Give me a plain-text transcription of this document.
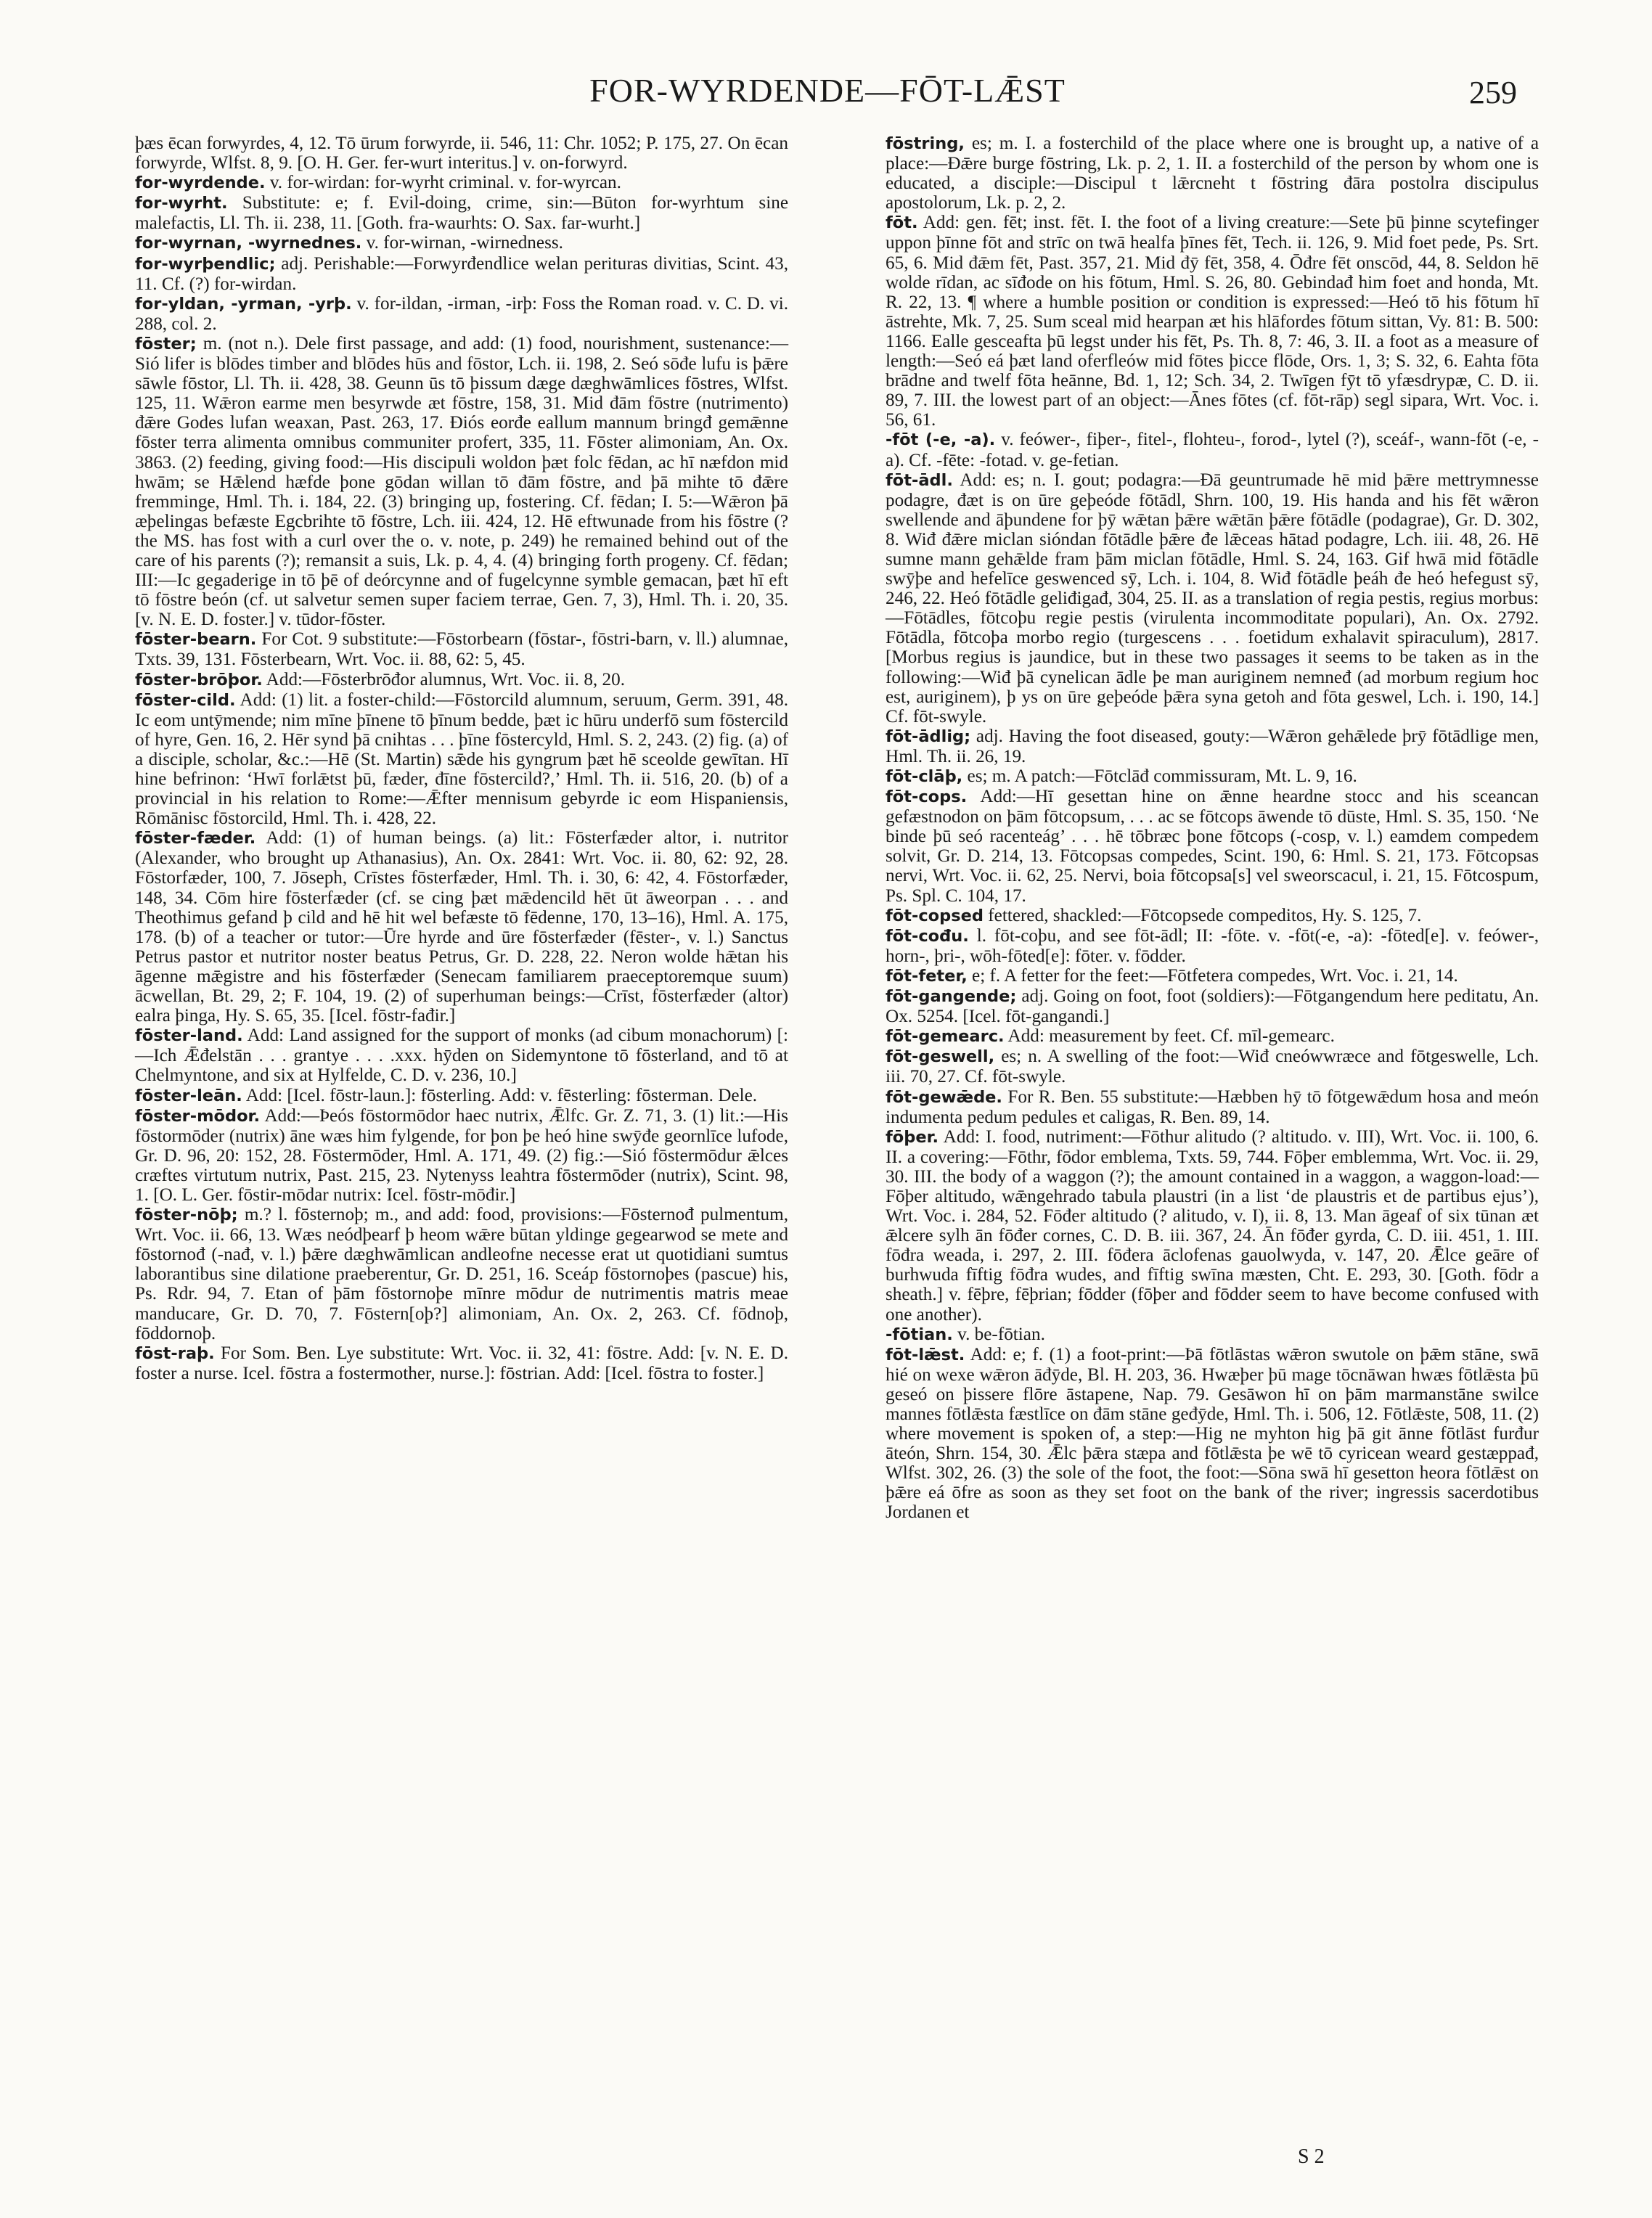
FOR-WYRDENDE—FŌT-LǢST	259

þæs ēcan forwyrdes, 4, 12. Tō ūrum forwyrde, ii. 546, 11: Chr. 1052; P. 175, 27. On ēcan forwyrde, Wlfst. 8, 9. [O. H. Ger. fer-wurt interitus.] v. on-forwyrd.

for-wyrdende. v. for-wirdan: for-wyrht criminal. v. for-wyrcan.

for-wyrht. Substitute: e; f. Evil-doing, crime, sin:—Būton for-wyrhtum sine malefactis, Ll. Th. ii. 238, 11. [Goth. fra-waurhts: O. Sax. far-wurht.]

for-wyrnan, -wyrnednes. v. for-wirnan, -wirnedness.

for-wyrþendlic; adj. Perishable:—Forwyrđendlice welan perituras divitias, Scint. 43, 11. Cf. (?) for-wirdan.

for-yldan, -yrman, -yrþ. v. for-ildan, -irman, -irþ: Foss the Roman road. v. C. D. vi. 288, col. 2.

fōster; m. (not n.). Dele first passage, and add: (1) food, nourishment, sustenance:—Sió lifer is blōdes timber and blōdes hūs and fōstor, Lch. ii. 198, 2. Seó sōđe lufu is þǣre sāwle fōstor, Ll. Th. ii. 428, 38. Geunn ūs tō þissum dæge dæghwāmlices fōstres, Wlfst. 125, 11. Wǣron earme men besyrwde æt fōstre, 158, 31. Mid đām fōstre (nutrimento) đǣre Godes lufan weaxan, Past. 263, 17. Ðiós eorđe eallum mannum bringđ gemǣnne fōster terra alimenta omnibus communiter profert, 335, 11. Fōster alimoniam, An. Ox. 3863. (2) feeding, giving food:—His discipuli woldon þæt folc fēdan, ac hī næfdon mid hwām; se Hǣlend hæfde þone gōdan willan tō đām fōstre, and þā mihte tō đǣre fremminge, Hml. Th. i. 184, 22. (3) bringing up, fostering. Cf. fēdan; I. 5:—Wǣron þā æþelingas befæste Egcbrihte tō fōstre, Lch. iii. 424, 12. Hē eftwunade from his fōstre (? the MS. has fost with a curl over the o. v. note, p. 249) he remained behind out of the care of his parents (?); remansit a suis, Lk. p. 4, 4. (4) bringing forth progeny. Cf. fēdan; III:—Ic gegaderige in tō þē of deórcynne and of fugelcynne symble gemacan, þæt hī eft tō fōstre beón (cf. ut salvetur semen super faciem terrae, Gen. 7, 3), Hml. Th. i. 20, 35. [v. N. E. D. foster.] v. tūdor-fōster.

fōster-bearn. For Cot. 9 substitute:—Fōstorbearn (fōstar-, fōstri-barn, v. ll.) alumnae, Txts. 39, 131. Fōsterbearn, Wrt. Voc. ii. 88, 62: 5, 45.

fōster-brōþor. Add:—Fōsterbrōđor alumnus, Wrt. Voc. ii. 8, 20.

fōster-cild. Add: (1) lit. a foster-child:—Fōstorcild alumnum, seruum, Germ. 391, 48. Ic eom untȳmende; nim mīne þīnene tō þīnum bedde, þæt ic hūru underfō sum fōstercild of hyre, Gen. 16, 2. Hēr synd þā cnihtas . . . þīne fōstercyld, Hml. S. 2, 243. (2) fig. (a) of a disciple, scholar, &c.:—Hē (St. Martin) sǣde his gyngrum þæt hē sceolde gewītan. Hī hine befrinon: ‘Hwī forlǣtst þū, fæder, đīne fōstercild?,’ Hml. Th. ii. 516, 20. (b) of a provincial in his relation to Rome:—Ǣfter mennisum gebyrde ic eom Hispaniensis, Rōmānisc fōstorcild, Hml. Th. i. 428, 22.

fōster-fæder. Add: (1) of human beings. (a) lit.: Fōsterfæder altor, i. nutritor (Alexander, who brought up Athanasius), An. Ox. 2841: Wrt. Voc. ii. 80, 62: 92, 28. Fōstorfæder, 100, 7. Jōseph, Crīstes fōsterfæder, Hml. Th. i. 30, 6: 42, 4. Fōstorfæder, 148, 34. Cōm hire fōsterfæder (cf. se cing þæt mǣdencild hēt ūt āweorpan . . . and Theothimus gefand þ cild and hē hit wel befæste tō fēdenne, 170, 13–16), Hml. A. 175, 178. (b) of a teacher or tutor:—Ūre hyrde and ūre fōsterfæder (fēster-, v. l.) Sanctus Petrus pastor et nutritor noster beatus Petrus, Gr. D. 228, 22. Neron wolde hǣtan his āgenne mǣgistre and his fōsterfæder (Senecam familiarem praeceptoremque suum) ācwellan, Bt. 29, 2; F. 104, 19. (2) of superhuman beings:—Crīst, fōsterfæder (altor) ealra þinga, Hy. S. 65, 35. [Icel. fōstr-fađir.]

fōster-land. Add: Land assigned for the support of monks (ad cibum monachorum) [:—Ich Ǣđelstān . . . grantye . . . .xxx. hȳden on Sidemyntone tō fōsterland, and tō at Chelmyntone, and six at Hylfelde, C. D. v. 236, 10.]

fōster-leān. Add: [Icel. fōstr-laun.]: fōsterling. Add: v. fēsterling: fōsterman. Dele.

fōster-mōdor. Add:—Þeós fōstormōdor haec nutrix, Ǣlfc. Gr. Z. 71, 3. (1) lit.:—His fōstormōder (nutrix) āne wæs him fylgende, for þon þe heó hine swȳđe geornlīce lufode, Gr. D. 96, 20: 152, 28. Fōstermōder, Hml. A. 171, 49. (2) fig.:—Sió fōstermōdur ǣlces cræftes virtutum nutrix, Past. 215, 23. Nytenyss leahtra fōstermōder (nutrix), Scint. 98, 1. [O. L. Ger. fōstir-mōdar nutrix: Icel. fōstr-mōđir.]

fōster-nōþ; m.? l. fōsternoþ; m., and add: food, provisions:—Fōsternođ pulmentum, Wrt. Voc. ii. 66, 13. Wæs neódþearf þ heom wǣre būtan yldinge gegearwod se mete and fōstornođ (-nađ, v. l.) þǣre dæghwāmlican andleofne necesse erat ut quotidiani sumtus laborantibus sine dilatione praeberentur, Gr. D. 251, 16. Sceáp fōstornoþes (pascue) his, Ps. Rdr. 94, 7. Etan of þām fōstornoþe mīnre mōdur de nutrimentis matris meae manducare, Gr. D. 70, 7. Fōstern[oþ?] alimoniam, An. Ox. 2, 263. Cf. fōdnoþ, fōddornoþ.

fōst-raþ. For Som. Ben. Lye substitute: Wrt. Voc. ii. 32, 41: fōstre. Add: [v. N. E. D. foster a nurse. Icel. fōstra a fostermother, nurse.]: fōstrian. Add: [Icel. fōstra to foster.]

fōstring, es; m. I. a fosterchild of the place where one is brought up, a native of a place:—Đǣre burge fōstring, Lk. p. 2, 1. II. a fosterchild of the person by whom one is educated, a disciple:—Discipul t lǣrcneht t fōstring đāra postolra discipulus apostolorum, Lk. p. 2, 2.

fōt. Add: gen. fēt; inst. fēt. I. the foot of a living creature:—Sete þū þinne scytefinger uppon þīnne fōt and strīc on twā healfa þīnes fēt, Tech. ii. 126, 9. Mid foet pede, Ps. Srt. 65, 6. Mid đǣm fēt, Past. 357, 21. Mid đȳ fēt, 358, 4. Ōđre fēt onscōd, 44, 8. Seldon hē wolde rīdan, ac sīđode on his fōtum, Hml. S. 26, 80. Gebindađ him foet and honda, Mt. R. 22, 13. ¶ where a humble position or condition is expressed:—Heó tō his fōtum hī āstrehte, Mk. 7, 25. Sum sceal mid hearpan æt his hlāfordes fōtum sittan, Vy. 81: B. 500: 1166. Ealle gesceafta þū legst under his fēt, Ps. Th. 8, 7: 46, 3. II. a foot as a measure of length:—Seó eá þæt land oferfleów mid fōtes þicce flōde, Ors. 1, 3; S. 32, 6. Eahta fōta brādne and twelf fōta heānne, Bd. 1, 12; Sch. 34, 2. Twīgen fȳt tō yfæsdrypæ, C. D. ii. 89, 7. III. the lowest part of an object:—Ānes fōtes (cf. fōt-rāp) segl sipara, Wrt. Voc. i. 56, 61.

-fōt (-e, -a). v. feówer-, fiþer-, fitel-, flohteu-, forod-, lytel (?), sceáf-, wann-fōt (-e, -a). Cf. -fēte: -fotad. v. ge-fetian.

fōt-ādl. Add: es; n. I. gout; podagra:—Đā geuntrumade hē mid þǣre mettrymnesse podagre, đæt is on ūre geþeóde fōtādl, Shrn. 100, 19. His handa and his fēt wǣron swellende and āþundene for þȳ wǣtan þǣre wǣtān þǣre fōtādle (podagrae), Gr. D. 302, 8. Wiđ đǣre miclan sióndan fōtādle þǣre đe lǣceas hātad podagre, Lch. iii. 48, 26. Hē sumne mann gehǣlde fram þām miclan fōtādle, Hml. S. 24, 163. Gif hwā mid fōtādle swȳþe and hefelīce geswenced sȳ, Lch. i. 104, 8. Wiđ fōtādle þeáh đe heó hefegust sȳ, 246, 22. Heó fōtādle geliđigađ, 304, 25. II. as a translation of regia pestis, regius morbus:—Fōtādles, fōtcoþu regie pestis (virulenta incommoditate populari), An. Ox. 2792. Fōtādla, fōtcoþa morbo regio (turgescens . . . foetidum exhalavit spiraculum), 2817. [Morbus regius is jaundice, but in these two passages it seems to be taken as in the following:—Wiđ þā cynelican ādle þe man auriginem nemneđ (ad morbum regium hoc est, auriginem), þ ys on ūre geþeóde þǣra syna getoh and fōta geswel, Lch. i. 190, 14.] Cf. fōt-swyle.

fōt-ādlig; adj. Having the foot diseased, gouty:—Wǣron gehǣlede þrȳ fōtādlige men, Hml. Th. ii. 26, 19.

fōt-clāþ, es; m. A patch:—Fōtclāđ commissuram, Mt. L. 9, 16.

fōt-cops. Add:—Hī gesettan hine on ǣnne heardne stocc and his sceancan gefæstnodon on þām fōtcopsum, . . . ac se fōtcops āwende tō dūste, Hml. S. 35, 150. ‘Ne binde þū seó racenteág’ . . . hē tōbræc þone fōtcops (-cosp, v. l.) eamdem compedem solvit, Gr. D. 214, 13. Fōtcopsas compedes, Scint. 190, 6: Hml. S. 21, 173. Fōtcopsas nervi, Wrt. Voc. ii. 62, 25. Nervi, boia fōtcopsa[s] vel sweorscacul, i. 21, 15. Fōtcospum, Ps. Spl. C. 104, 17.

fōt-copsed fettered, shackled:—Fōtcopsede compeditos, Hy. S. 125, 7.

fōt-cođu. l. fōt-coþu, and see fōt-ādl; II: -fōte. v. -fōt(-e, -a): -fōted[e]. v. feówer-, horn-, þri-, wōh-fōted[e]: fōter. v. fōdder.

fōt-feter, e; f. A fetter for the feet:—Fōtfetera compedes, Wrt. Voc. i. 21, 14.

fōt-gangende; adj. Going on foot, foot (soldiers):—Fōtgangendum here peditatu, An. Ox. 5254. [Icel. fōt-gangandi.]

fōt-gemearc. Add: measurement by feet. Cf. mīl-gemearc.

fōt-geswell, es; n. A swelling of the foot:—Wiđ cneówwræce and fōtgeswelle, Lch. iii. 70, 27. Cf. fōt-swyle.

fōt-gewǣde. For R. Ben. 55 substitute:—Hæbben hȳ tō fōtgewǣdum hosa and meón indumenta pedum pedules et caligas, R. Ben. 89, 14.

fōþer. Add: I. food, nutriment:—Fōthur alitudo (? altitudo. v. III), Wrt. Voc. ii. 100, 6. II. a covering:—Fōthr, fōdor emblema, Txts. 59, 744. Fōþer emblemma, Wrt. Voc. ii. 29, 30. III. the body of a waggon (?); the amount contained in a waggon, a waggon-load:—Fōþer altitudo, wǣngehrado tabula plaustri (in a list ‘de plaustris et de partibus ejus’), Wrt. Voc. i. 284, 52. Fōđer altitudo (? alitudo, v. I), ii. 8, 13. Man āgeaf of six tūnan æt ǣlcere sylh ān fōđer cornes, C. D. B. iii. 367, 24. Ān fōđer gyrda, C. D. iii. 451, 1. III. fōđra weada, i. 297, 2. III. fōđera āclofenas gauolwyda, v. 147, 20. Ǣlce geāre of burhwuda fīftig fōđra wudes, and fīftig swīna mæsten, Cht. E. 293, 30. [Goth. fōdr a sheath.] v. fēþre, fēþrian; fōdder (fōþer and fōdder seem to have become confused with one another).

-fōtian. v. be-fōtian.

fōt-lǣst. Add: e; f. (1) a foot-print:—Þā fōtlāstas wǣron swutole on þǣm stāne, swā hié on wexe wǣron āđȳde, Bl. H. 203, 36. Hwæþer þū mage tōcnāwan hwæs fōtlǣsta þū geseó on þissere flōre āstapene, Nap. 79. Gesāwon hī on þām marmanstāne swilce mannes fōtlǣsta fæstlīce on đām stāne geđȳde, Hml. Th. i. 506, 12. Fōtlǣste, 508, 11. (2) where movement is spoken of, a step:—Hig ne myhton hig þā git ānne fōtlāst furđur āteón, Shrn. 154, 30. Ǣlc þǣra stæpa and fōtlǣsta þe wē tō cyricean weard gestæppađ, Wlfst. 302, 26. (3) the sole of the foot, the foot:—Sōna swā hī gesetton heora fōtlǣst on þǣre eá ōfre as soon as they set foot on the bank of the river; ingressis sacerdotibus Jordanen et

S 2
